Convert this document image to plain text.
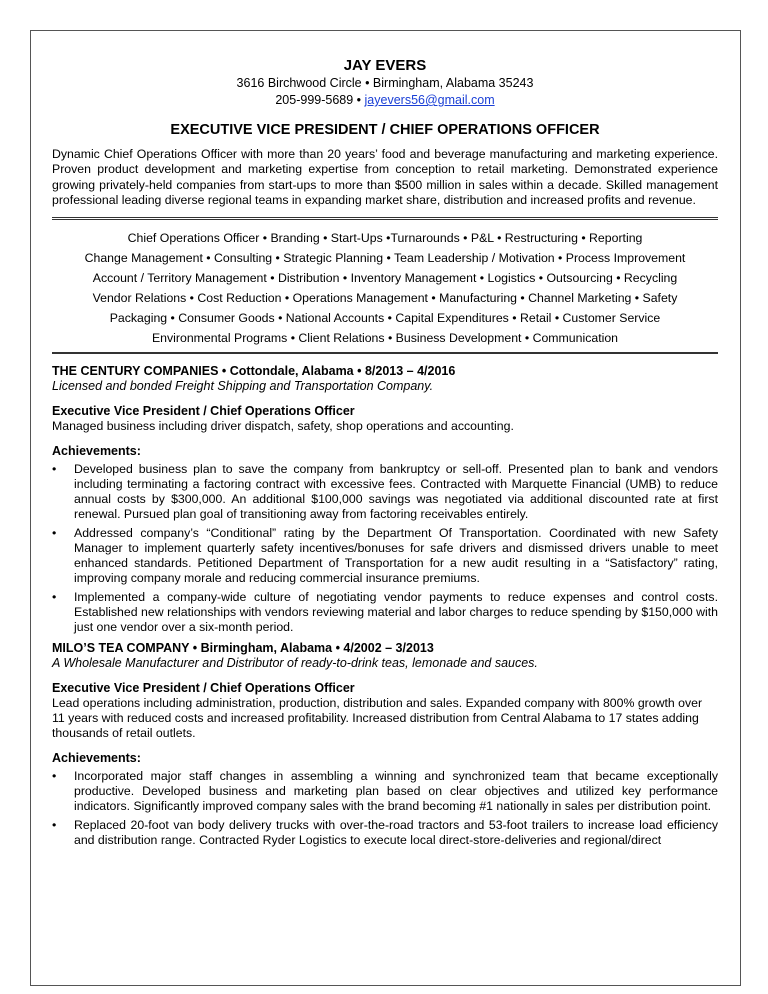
JAY EVERS

3616 Birchwood Circle • Birmingham, Alabama 35243

205-999-5689 • jayevers56@gmail.com

EXECUTIVE VICE PRESIDENT / CHIEF OPERATIONS OFFICER

Dynamic Chief Operations Officer with more than 20 years’ food and beverage manufacturing and marketing experience. Proven product development and marketing expertise from conception to retail marketing. Demonstrated experience growing privately-held companies from start-ups to more than $500 million in sales within a decade. Skilled management professional leading diverse regional teams in expanding market share, distribution and increased profits and revenue.

Chief Operations Officer • Branding • Start-Ups •Turnarounds • P&L • Restructuring • Reporting
Change Management • Consulting • Strategic Planning • Team Leadership / Motivation • Process Improvement
Account / Territory Management • Distribution • Inventory Management • Logistics • Outsourcing • Recycling
Vendor Relations • Cost Reduction • Operations Management • Manufacturing • Channel Marketing • Safety
Packaging • Consumer Goods • National Accounts • Capital Expenditures • Retail • Customer Service
Environmental Programs • Client Relations • Business Development • Communication

THE CENTURY COMPANIES • Cottondale, Alabama • 8/2013 – 4/2016

Licensed and bonded Freight Shipping and Transportation Company.

Executive Vice President / Chief Operations Officer

Managed business including driver dispatch, safety, shop operations and accounting.

Achievements:

• Developed business plan to save the company from bankruptcy or sell-off. Presented plan to bank and vendors including terminating a factoring contract with excessive fees. Contracted with Marquette Financial (UMB) to reduce annual costs by $300,000. An additional $100,000 savings was negotiated via additional discounted rate at first renewal. Pursued plan goal of transitioning away from factoring receivables entirely.
• Addressed company’s “Conditional” rating by the Department Of Transportation. Coordinated with new Safety Manager to implement quarterly safety incentives/bonuses for safe drivers and dismissed drivers unable to meet enhanced standards. Petitioned Department of Transportation for a new audit resulting in a “Satisfactory” rating, improving company morale and reducing commercial insurance premiums.
• Implemented a company-wide culture of negotiating vendor payments to reduce expenses and control costs. Established new relationships with vendors reviewing material and labor charges to reduce spending by $150,000 with just one vendor over a six-month period.

MILO’S TEA COMPANY • Birmingham, Alabama • 4/2002 – 3/2013

A Wholesale Manufacturer and Distributor of ready-to-drink teas, lemonade and sauces.

Executive Vice President / Chief Operations Officer

Lead operations including administration, production, distribution and sales. Expanded company with 800% growth over 11 years with reduced costs and increased profitability. Increased distribution from Central Alabama to 17 states adding thousands of retail outlets.

Achievements:

• Incorporated major staff changes in assembling a winning and synchronized team that became exceptionally productive. Developed business and marketing plan based on clear objectives and utilized key performance indicators. Significantly improved company sales with the brand becoming #1 nationally in sales per distribution point.
• Replaced 20-foot van body delivery trucks with over-the-road tractors and 53-foot trailers to increase load efficiency and distribution range. Contracted Ryder Logistics to execute local direct-store-deliveries and regional/direct
